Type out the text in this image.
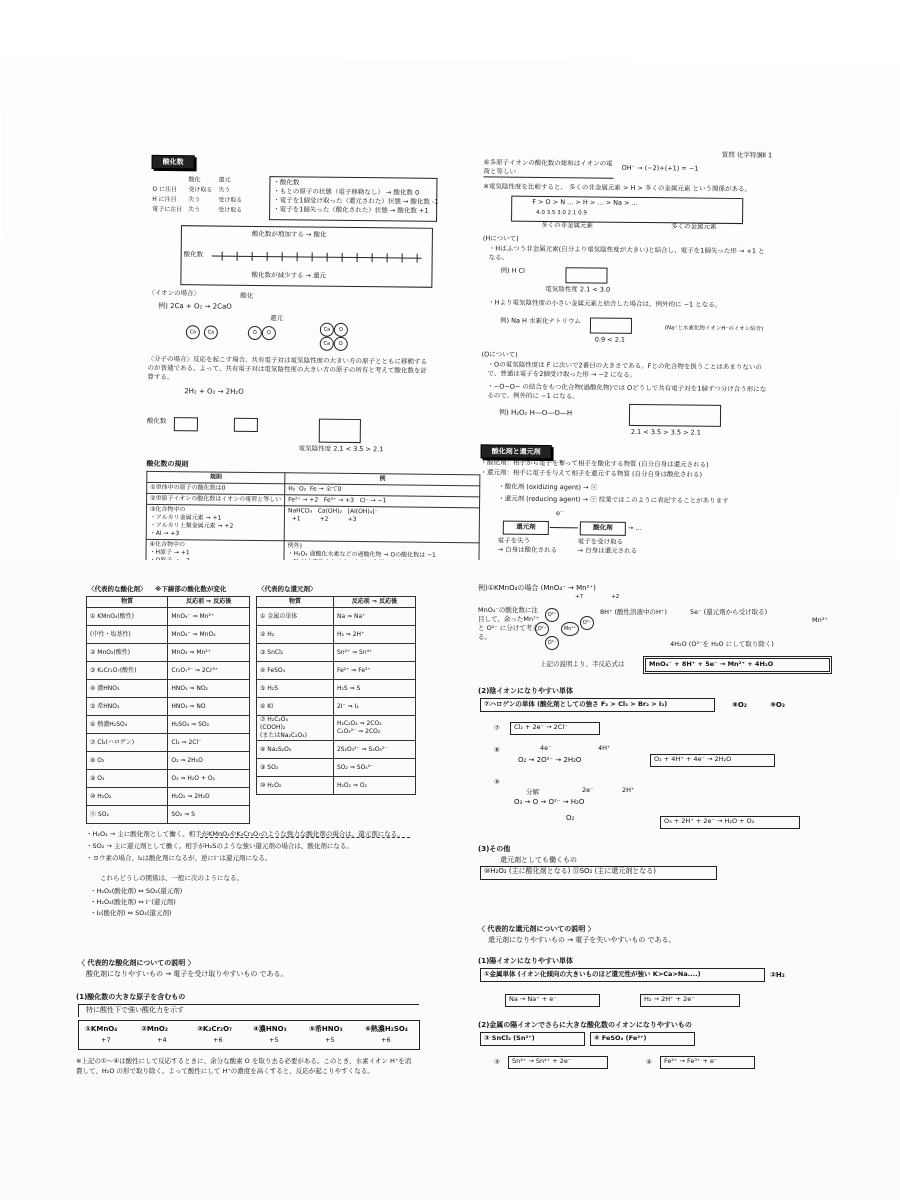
酸化数
	酸化	還元
O に注目	受け取る	失う
H に注目	失う	受け取る
電子に注目	失う	受け取る
・酸化数
・もとの原子の状態（電子移動なし） → 酸化数 0
・電子を1個受け取った（還元された）状態 → 酸化数 -1
・電子を1個失った（酸化された）状態 → 酸化数 +1
酸化数が増加する → 酸化
酸化数
酸化数が減少する → 還元
〈イオンの場合〉
例) 2Ca + O₂ → 2CaO
酸化
還元
Ca	Ca	O	O
Ca	O
Ca	O
〈分子の場合〉反応を起こす場合、共有電子対は電気陰性度の大きい方の原子とともに移動するのが普通である。よって、共有電子対は電気陰性度の大きい方の原子の所有と考えて酸化数を計算する。
2H₂ + O₂ → 2H₂O
酸化数
電気陰性度 2.1 < 3.5 > 2.1
酸化数の規則
規則	例
①単体中の原子の酸化数は0	H₂  O₂  Fe → 全て0
②単原子イオンの酸化数はイオンの電荷と等しい	Fe²⁺ → +2   Fe³⁺ → +3   Cl⁻ → −1
③化合物中の
・アルカリ金属元素 → +1
・アルカリ土類金属元素 → +2
・Al → +3	NaHCO₃   Ca(OH)₂   [Al(OH)₄]⁻
+1          +2          +3
④化合物中の
・H原子 → +1	例外)
・H₂O₂ 過酸化水素などの過酸化物 → Oの酸化数は −1

質問 化学特講Ⅱ 1
⑥多原子イオンの酸化数の総和はイオンの電荷と等しい	OH⁻ → (−2)+(+1) = −1
※電気陰性度を比較すると、 多くの非金属元素 > H > 多くの金属元素 という関係がある。
F > O > N ... > H > ... > Na > ...
4.0 3.5 3.0 2.1 0.9
多くの非金属元素	多くの金属元素
(Hについて)
・Hはふつう非金属元素(自分より電気陰性度が大きい)と結合し、電子を1個失った形 → +1 となる。
例) H Cl
電気陰性度 2.1 < 3.0
・Hより電気陰性度の小さい金属元素と結合した場合は、例外的に −1 となる。
例) Na H 水素化ナトリウム
0.9 < 2.1
(Na⁺と水素化物イオンH⁻のイオン結合)
(Oについて)
・Oの電気陰性度は F に次いで2番目の大きさである。Fとの化合物を扱うことはあまりないので、普通は電子を2個受け取った形 → −2 になる。
・−O−O− の結合をもつ化合物(過酸化物)では Oどうしで共有電子対を1個ずつ分け合う形になるので、例外的に −1 になる。
例) H₂O₂ H—O—O—H
2.1 < 3.5 > 3.5 > 2.1
酸化剤と還元剤
・酸化剤：相手から電子を奪って相手を酸化する物質 (自分自身は還元される)
・還元剤：相手に電子を与えて相手を還元する物質 (自分自身は酸化される)
・酸化剤 (oxidizing agent) → ⓞ
・還元剤 (reducing agent) → ⓡ 授業ではこのように表記することがあります
e⁻
還元剤	酸化剤	→ ...
電子を失う
→ 自身は酸化される
電子を受け取る
→ 自身は還元される
〈代表的な酸化剤〉 ※下線部の酸化数が変化
物質	反応前 ⇒ 反応後
① KMnO₄(酸性)	MnO₄⁻ ⇒ Mn²⁺
(中性・塩基性)	MnO₄⁻ ⇒ MnO₂
② MnO₂(酸性)	MnO₂ ⇒ Mn²⁺
③ K₂Cr₂O₇(酸性)	Cr₂O₇²⁻ ⇒ 2Cr³⁺
④ 濃HNO₃	HNO₃ ⇒ NO₂
⑤ 希HNO₃	HNO₃ ⇒ NO
⑥ 熱濃H₂SO₄	H₂SO₄ ⇒ SO₂
⑦ Cl₂(ハロゲン)	Cl₂ ⇒ 2Cl⁻
⑧ O₂	O₂ ⇒ 2H₂O
⑨ O₃	O₃ ⇒ H₂O + O₂
⑩ H₂O₂	H₂O₂ ⇒ 2H₂O
⑪ SO₂	SO₂ ⇒ S
〈代表的な還元剤〉
物質	反応前 ⇒ 反応後
① 金属の単体	Na ⇒ Na⁺
② H₂	H₂ ⇒ 2H⁺
③ SnCl₂	Sn²⁺ ⇒ Sn⁴⁺
④ FeSO₄	Fe²⁺ ⇒ Fe³⁺
⑤ H₂S	H₂S ⇒ S
⑥ KI	2I⁻ ⇒ I₂
⑦ H₂C₂O₄
(COOH)₂
(またはNa₂C₂O₄)	H₂C₂O₄ ⇒ 2CO₂
C₂O₄²⁻ ⇒ 2CO₂
⑧ Na₂S₂O₃	2S₂O₃²⁻ ⇒ S₄O₆²⁻
⑨ SO₂	SO₂ ⇒ SO₄²⁻
⑩ H₂O₂	H₂O₂ ⇒ O₂
・H₂O₂ → 主に酸化剤として働く。相手がKMnO₄やK₂Cr₂O₇のような強力な酸化剤の場合は、還元剤になる。
・SO₂ → 主に還元剤として働く。相手がH₂Sのような強い還元剤の場合は、酸化剤になる。
・ヨウ素の場合、I₂は酸化剤になるが、逆にI⁻は還元剤になる。
これらどうしの関係は、一般に次のようになる。
・H₂O₂(酸化剤) ⇔ SO₂(還元剤)
・H₂O₂(酸化剤) ⇔ I⁻(還元剤)
・I₂(酸化剤) ⇔ SO₂(還元剤)
〈 代表的な酸化剤についての説明 〉
酸化剤になりやすいもの → 電子を受け取りやすいもの である。
(1)酸化数の大きな原子を含むもの
特に酸性下で強い酸化力を示す
①KMnO₄
+7
②MnO₂
+4
③K₂Cr₂O₇
+6
④濃HNO₃
+5
⑤希HNO₃
+5
⑥熱濃H₂SO₄
+6
※上記の①〜④は酸性にして反応するときに、余分な酸素 O を取り去る必要がある。このとき、水素イオン H⁺を消費して、H₂O の形で取り除く。よって酸性にして H⁺の濃度を高くすると、反応が起こりやすくなる。
例)①KMnO₄の場合 (MnO₄⁻ → Mn²⁺)
+7                +2
MnO₄⁻の酸化数に注目して、余ったMn⁷⁺と O²⁻ に分けて考える。
O²⁻
O²⁻	Mn⁷⁺
O²⁻
O²⁻
8H⁺ (酸性溶液中のH⁺)	5e⁻ (還元剤から受け取る)
Mn²⁺
4H₂O (O²⁻を H₂O にして取り除く)
上記の説明より、半反応式は	MnO₄⁻ + 8H⁺ + 5e⁻ → Mn²⁺ + 4H₂O
(2)陰イオンになりやすい単体
⑦ハロゲンの単体 (酸化剤としての強さ F₂ > Cl₂ > Br₂ > I₂)	⑧O₂	⑨O₃
⑦	Cl₂ + 2e⁻ → 2Cl⁻
⑧	4e⁻	4H⁺
O₂ → 2O²⁻ → 2H₂O	O₂ + 4H⁺ + 4e⁻ → 2H₂O
⑨
分解	2e⁻	2H⁺
O₃ → O → O²⁻ → H₂O
O₂	O₃ + 2H⁺ + 2e⁻ → H₂O + O₂
(3)その他
還元剤としても働くもの
⑩H₂O₂ (主に酸化剤となる) ⑪SO₂ (主に還元剤となる)
〈 代表的な還元剤についての説明 〉
還元剤になりやすいもの → 電子を失いやすいもの である。
(1)陽イオンになりやすい単体
①金属単体 (イオン化傾向の大きいものほど還元性が強い K>Ca>Na....)	②H₂
Na → Na⁺ + e⁻	H₂ → 2H⁺ + 2e⁻
(2)金属の陽イオンでさらに大きな酸化数のイオンになりやすいもの
③ SnCl₂ (Sn²⁺)	④ FeSO₄ (Fe²⁺)
③	Sn²⁺ → Sn⁴⁺ + 2e⁻	④	Fe²⁺ → Fe³⁺ + e⁻
